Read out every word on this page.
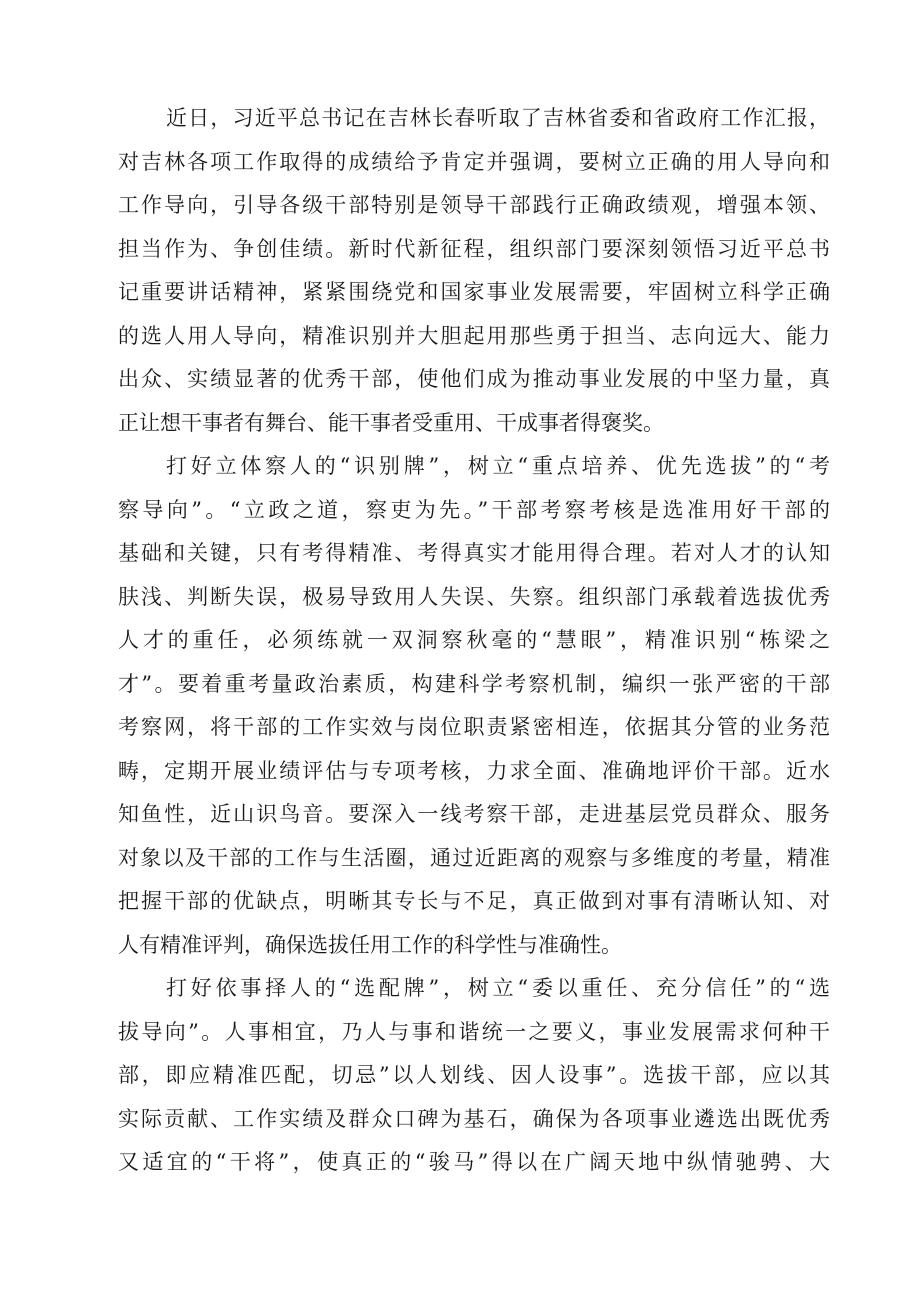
近日，习近平总书记在吉林长春听取了吉林省委和省政府工作汇报，
对吉林各项工作取得的成绩给予肯定并强调，要树立正确的用人导向和
工作导向，引导各级干部特别是领导干部践行正确政绩观，增强本领、
担当作为、争创佳绩。新时代新征程，组织部门要深刻领悟习近平总书
记重要讲话精神，紧紧围绕党和国家事业发展需要，牢固树立科学正确
的选人用人导向，精准识别并大胆起用那些勇于担当、志向远大、能力
出众、实绩显著的优秀干部，使他们成为推动事业发展的中坚力量，真
正让想干事者有舞台、能干事者受重用、干成事者得褒奖。

打好立体察人的“识别牌”，树立“重点培养、优先选拔”的“考
察导向”。“立政之道，察吏为先。”干部考察考核是选准用好干部的
基础和关键，只有考得精准、考得真实才能用得合理。若对人才的认知
肤浅、判断失误，极易导致用人失误、失察。组织部门承载着选拔优秀
人才的重任，必须练就一双洞察秋毫的“慧眼”，精准识别“栋梁之
才”。要着重考量政治素质，构建科学考察机制，编织一张严密的干部
考察网，将干部的工作实效与岗位职责紧密相连，依据其分管的业务范
畴，定期开展业绩评估与专项考核，力求全面、准确地评价干部。近水
知鱼性，近山识鸟音。要深入一线考察干部，走进基层党员群众、服务
对象以及干部的工作与生活圈，通过近距离的观察与多维度的考量，精准
把握干部的优缺点，明晰其专长与不足，真正做到对事有清晰认知、对
人有精准评判，确保选拔任用工作的科学性与准确性。

打好依事择人的“选配牌”，树立“委以重任、充分信任”的“选
拔导向”。人事相宜，乃人与事和谐统一之要义，事业发展需求何种干
部，即应精准匹配，切忌”以人划线、因人设事”。选拔干部，应以其
实际贡献、工作实绩及群众口碑为基石，确保为各项事业遴选出既优秀
又适宜的“干将”，使真正的“骏马”得以在广阔天地中纵情驰骋、大
